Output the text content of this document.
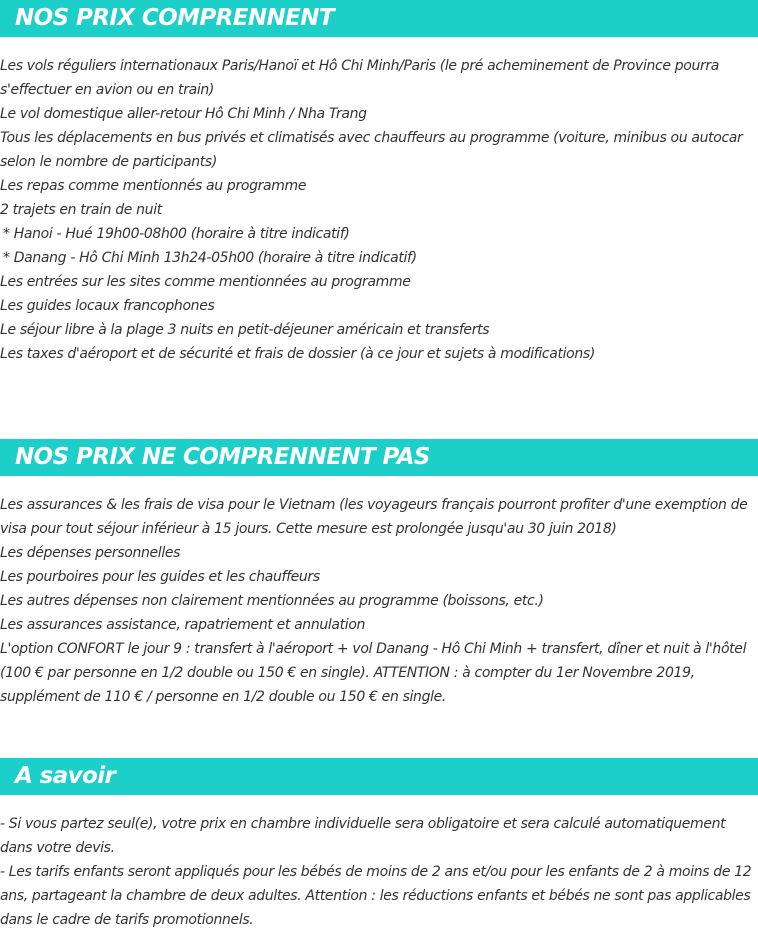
NOS PRIX COMPRENNENT

Les vols réguliers internationaux Paris/Hanoï et Hô Chi Minh/Paris (le pré acheminement de Province pourra s'effectuer en avion ou en train)

Le vol domestique aller-retour Hô Chi Minh / Nha Trang

Tous les déplacements en bus privés et climatisés avec chauffeurs au programme (voiture, minibus ou autocar selon le nombre de participants)

Les repas comme mentionnés au programme

2 trajets en train de nuit

* Hanoi - Hué 19h00-08h00 (horaire à titre indicatif)

* Danang - Hô Chi Minh 13h24-05h00 (horaire à titre indicatif)

Les entrées sur les sites comme mentionnées au programme

Les guides locaux francophones

Le séjour libre à la plage 3 nuits en petit-déjeuner américain et transferts

Les taxes d'aéroport et de sécurité et frais de dossier (à ce jour et sujets à modifications)

NOS PRIX NE COMPRENNENT PAS

Les assurances & les frais de visa pour le Vietnam (les voyageurs français pourront profiter d'une exemption de visa pour tout séjour inférieur à 15 jours. Cette mesure est prolongée jusqu'au 30 juin 2018)

Les dépenses personnelles

Les pourboires pour les guides et les chauffeurs

Les autres dépenses non clairement mentionnées au programme (boissons, etc.)

Les assurances assistance, rapatriement et annulation

L'option CONFORT le jour 9 : transfert à l'aéroport + vol Danang - Hô Chi Minh + transfert, dîner et nuit à l'hôtel (100 € par personne en 1/2 double ou 150 € en single). ATTENTION : à compter du 1er Novembre 2019, supplément de 110 € / personne en 1/2 double ou 150 € en single.

A savoir

- Si vous partez seul(e), votre prix en chambre individuelle sera obligatoire et sera calculé automatiquement dans votre devis.

- Les tarifs enfants seront appliqués pour les bébés de moins de 2 ans et/ou pour les enfants de 2 à moins de 12 ans, partageant la chambre de deux adultes. Attention : les réductions enfants et bébés ne sont pas applicables dans le cadre de tarifs promotionnels.
